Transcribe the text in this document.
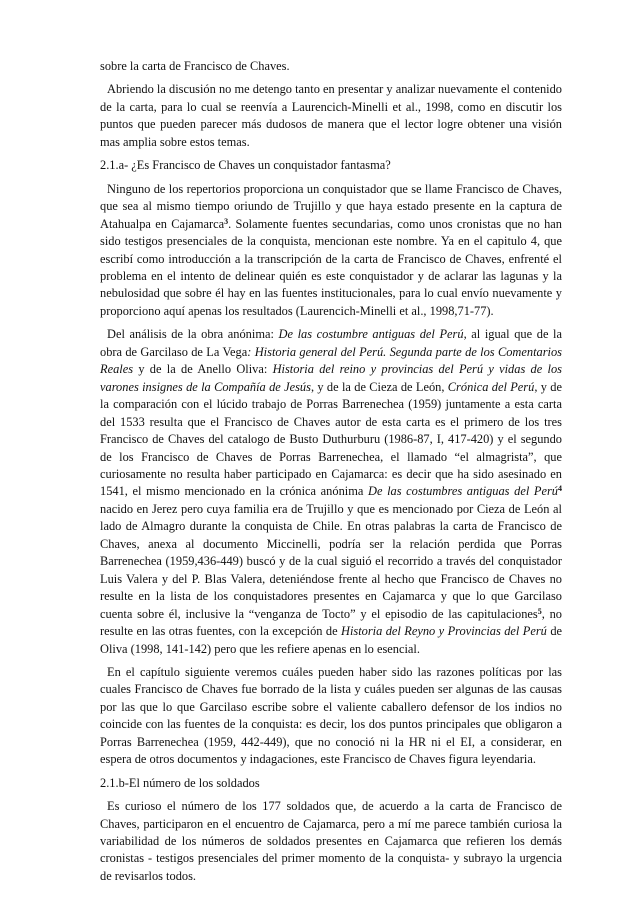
sobre la carta de Francisco de Chaves.

Abriendo la discusión no me detengo tanto en presentar y analizar nuevamente el contenido de la carta, para lo cual se reenvía a Laurencich-Minelli et al., 1998, como en discutir los puntos que pueden parecer más dudosos de manera que el lector logre obtener una visión mas amplia sobre estos temas.

2.1.a- ¿Es Francisco de Chaves un conquistador fantasma?

Ninguno de los repertorios proporciona un conquistador que se llame Francisco de Chaves, que sea al mismo tiempo oriundo de Trujillo y que haya estado presente en la captura de Atahualpa en Cajamarca$^3$. Solamente fuentes secundarias, como unos cronistas que no han sido testigos presenciales de la conquista, mencionan este nombre. Ya en el capitulo 4, que escribí como introducción a la transcripción de la carta de Francisco de Chaves, enfrenté el problema en el intento de delinear quién es este conquistador y de aclarar las lagunas y la nebulosidad que sobre él hay en las fuentes institucionales, para lo cual envío nuevamente y proporciono aquí apenas los resultados (Laurencich-Minelli et al., 1998,71-77).

Del análisis de la obra anónima: De las costumbre antiguas del Perú, al igual que de la obra de Garcilaso de La Vega: Historia general del Perú. Segunda parte de los Comentarios Reales y de la de Anello Oliva: Historia del reino y provincias del Perú y vidas de los varones insignes de la Compañía de Jesús, y de la de Cieza de León, Crónica del Perú, y de la comparación con el lúcido trabajo de Porras Barrenechea (1959) juntamente a esta carta del 1533 resulta que el Francisco de Chaves autor de esta carta es el primero de los tres Francisco de Chaves del catalogo de Busto Duthurburu (1986-87, I, 417-420) y el segundo de los Francisco de Chaves de Porras Barrenechea, el llamado “el almagrista”, que curiosamente no resulta haber participado en Cajamarca: es decir que ha sido asesinado en 1541, el mismo mencionado en la crónica anónima De las costumbres antiguas del Perú$^4$ nacido en Jerez pero cuya familia era de Trujillo y que es mencionado por Cieza de León al lado de Almagro durante la conquista de Chile. En otras palabras la carta de Francisco de Chaves, anexa al documento Miccinelli, podría ser la relación perdida que Porras Barrenechea (1959,436-449) buscó y de la cual siguió el recorrido a través del conquistador Luis Valera y del P. Blas Valera, deteniéndose frente al hecho que Francisco de Chaves no resulte en la lista de los conquistadores presentes en Cajamarca y que lo que Garcilaso cuenta sobre él, inclusive la “venganza de Tocto” y el episodio de las capitulaciones$^5$, no resulte en las otras fuentes, con la excepción de Historia del Reyno y Provincias del Perú de Oliva (1998, 141-142) pero que les refiere apenas en lo esencial.

En el capítulo siguiente veremos cuáles pueden haber sido las razones políticas por las cuales Francisco de Chaves fue borrado de la lista y cuáles pueden ser algunas de las causas por las que lo que Garcilaso escribe sobre el valiente caballero defensor de los indios no coincide con las fuentes de la conquista: es decir, los dos puntos principales que obligaron a Porras Barrenechea (1959, 442-449), que no conoció ni la HR ni el EI, a considerar, en espera de otros documentos y indagaciones, este Francisco de Chaves figura leyendaria.

2.1.b-El número de los soldados

Es curioso el número de los 177 soldados que, de acuerdo a la carta de Francisco de Chaves, participaron en el encuentro de Cajamarca, pero a mí me parece también curiosa la variabilidad de los números de soldados presentes en Cajamarca que refieren los demás cronistas - testigos presenciales del primer momento de la conquista- y subrayo la urgencia de revisarlos todos.
